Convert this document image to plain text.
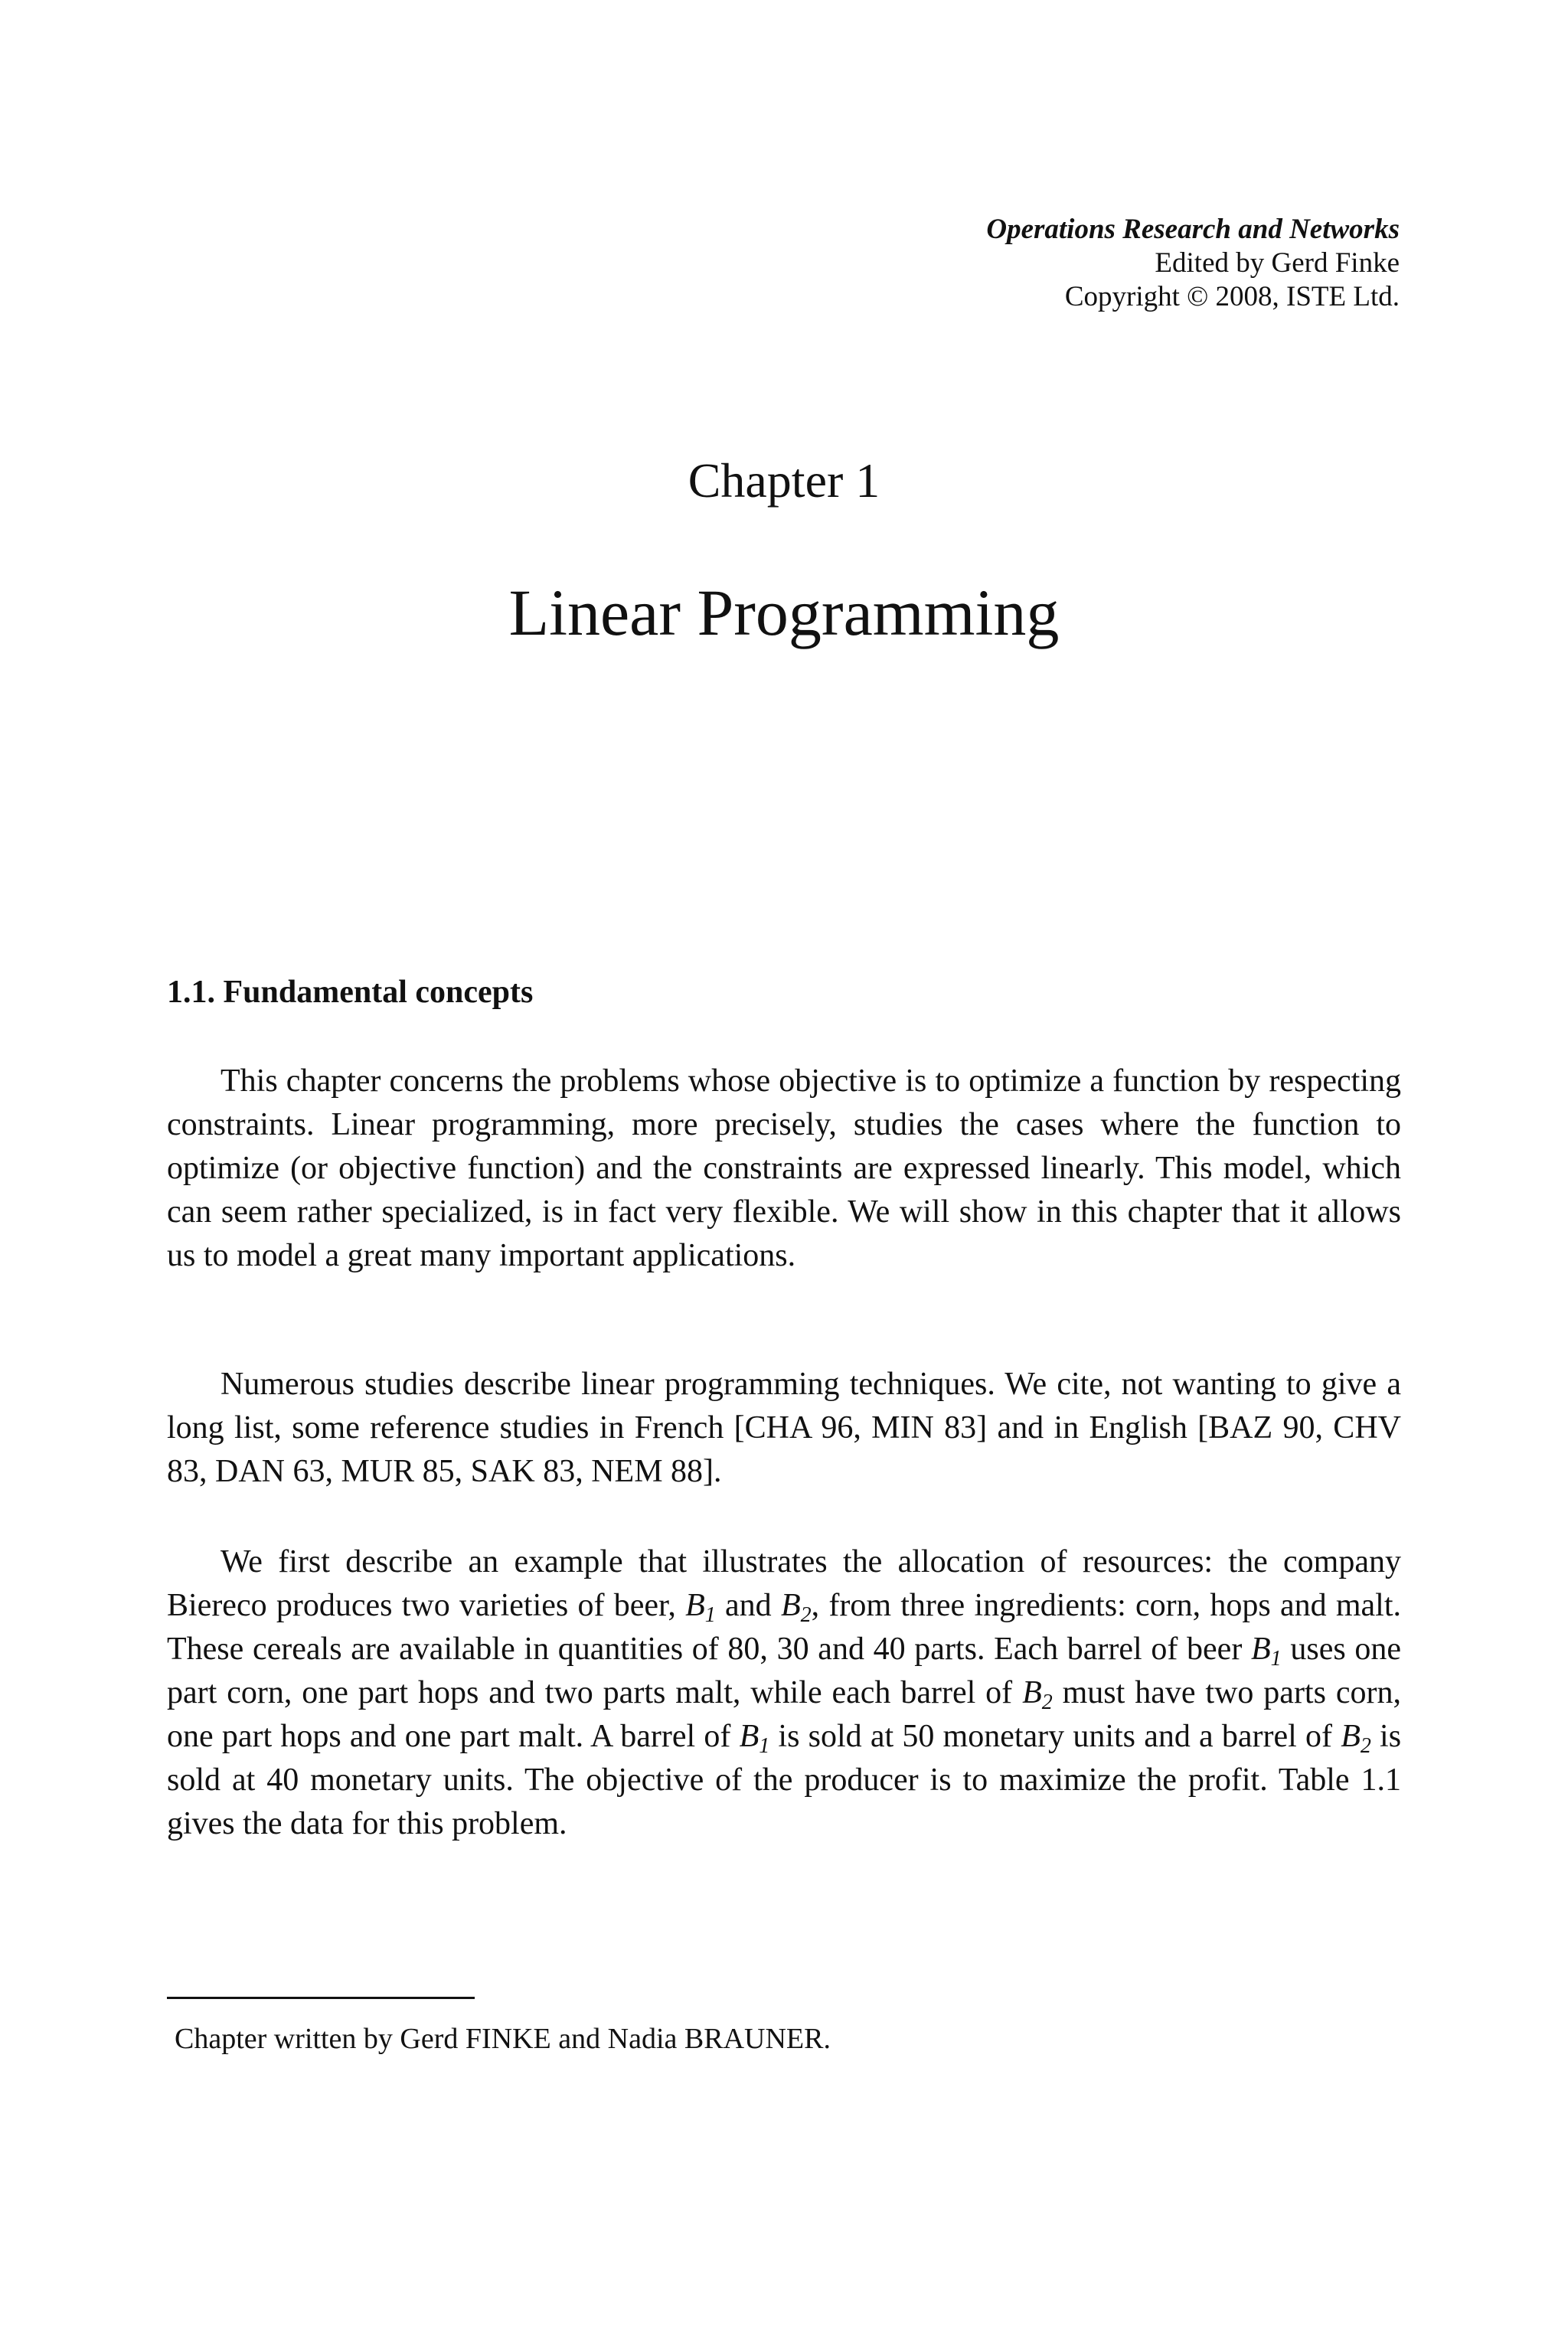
Operations Research and Networks
Edited by Gerd Finke
Copyright © 2008, ISTE Ltd.
Chapter 1
Linear Programming
1.1. Fundamental concepts

This chapter concerns the problems whose objective is to optimize a function by respecting constraints. Linear programming, more precisely, studies the cases where the function to optimize (or objective function) and the constraints are expressed linearly. This model, which can seem rather specialized, is in fact very flexible. We will show in this chapter that it allows us to model a great many important applications.

Numerous studies describe linear programming techniques. We cite, not wanting to give a long list, some reference studies in French [CHA 96, MIN 83] and in English [BAZ 90, CHV 83, DAN 63, MUR 85, SAK 83, NEM 88].

We first describe an example that illustrates the allocation of resources: the company Biereco produces two varieties of beer, $B_1$ and $B_2$, from three ingredients: corn, hops and malt. These cereals are available in quantities of 80, 30 and 40 parts. Each barrel of beer $B_1$ uses one part corn, one part hops and two parts malt, while each barrel of $B_2$ must have two parts corn, one part hops and one part malt. A barrel of $B_1$ is sold at 50 monetary units and a barrel of $B_2$ is sold at 40 monetary units. The objective of the producer is to maximize the profit. Table 1.1 gives the data for this problem.

Chapter written by Gerd FINKE and Nadia BRAUNER.
